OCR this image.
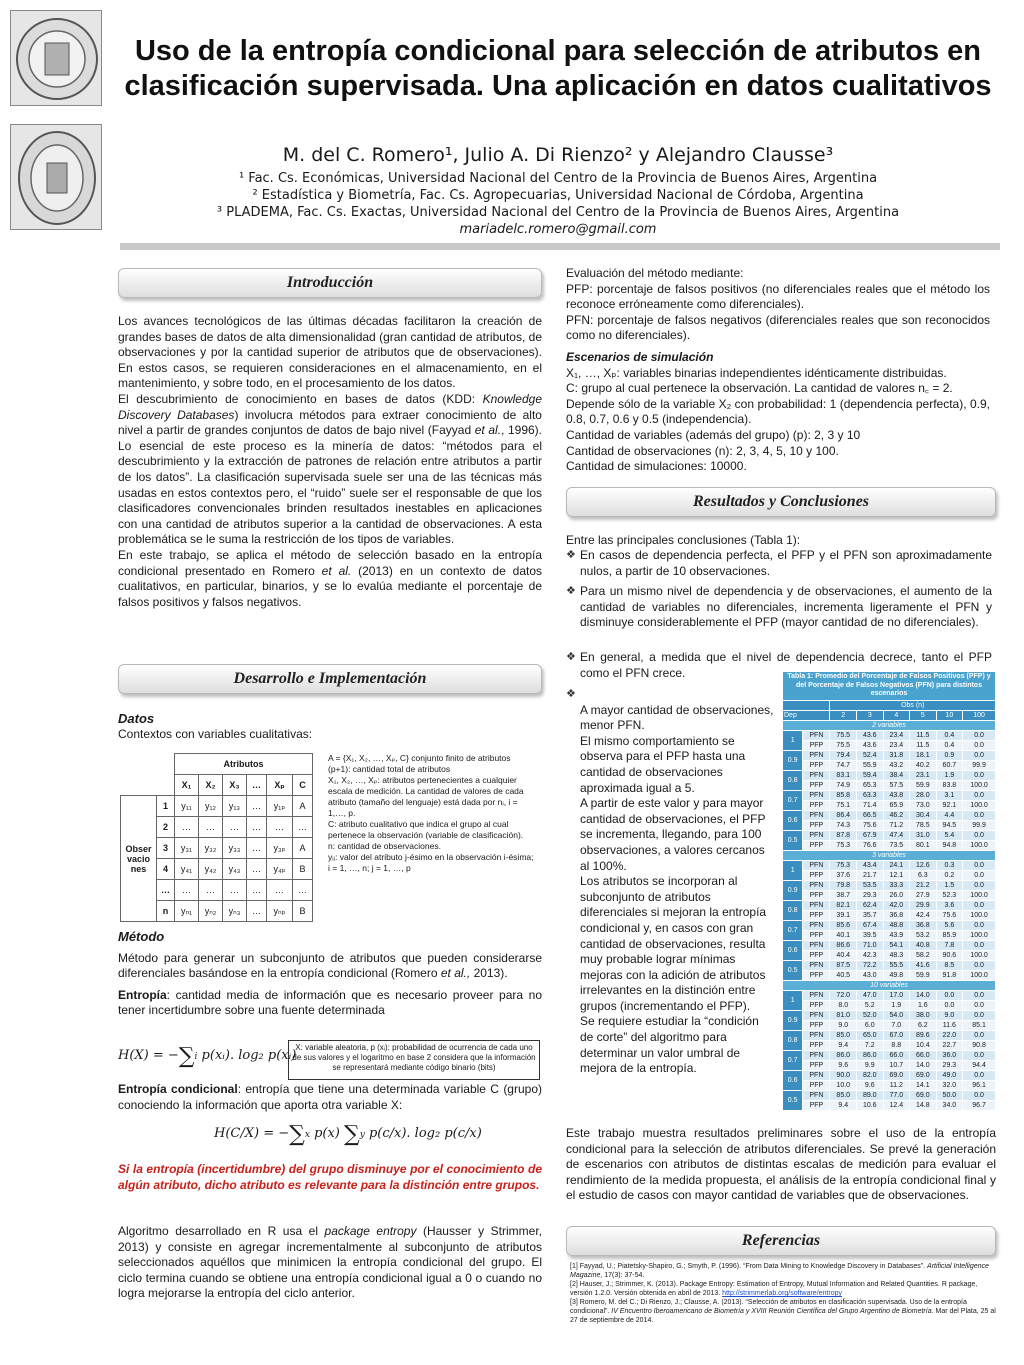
Uso de la entropía condicional para selección de atributos en clasificación supervisada. Una aplicación en datos cualitativos
M. del C. Romero¹, Julio A. Di Rienzo² y Alejandro Clausse³
¹ Fac. Cs. Económicas, Universidad Nacional del Centro de la Provincia de Buenos Aires, Argentina
² Estadística y Biometría, Fac. Cs. Agropecuarias, Universidad Nacional de Córdoba, Argentina
³ PLADEMA, Fac. Cs. Exactas, Universidad Nacional del Centro de la Provincia de Buenos Aires, Argentina
mariadelc.romero@gmail.com
Introducción

Los avances tecnológicos de las últimas décadas facilitaron la creación de grandes bases de datos de alta dimensionalidad (gran cantidad de atributos, de observaciones y por la cantidad superior de atributos que de observaciones). En estos casos, se requieren consideraciones en el almacenamiento, en el mantenimiento, y sobre todo, en el procesamiento de los datos.

El descubrimiento de conocimiento en bases de datos (KDD: Knowledge Discovery Databases) involucra métodos para extraer conocimiento de alto nivel a partir de grandes conjuntos de datos de bajo nivel (Fayyad et al., 1996). Lo esencial de este proceso es la minería de datos: “métodos para el descubrimiento y la extracción de patrones de relación entre atributos a partir de los datos”. La clasificación supervisada suele ser una de las técnicas más usadas en estos contextos pero, el “ruido” suele ser el responsable de que los clasificadores convencionales brinden resultados inestables en aplicaciones con una cantidad de atributos superior a la cantidad de observaciones. A esta problemática se le suma la restricción de los tipos de variables.

En este trabajo, se aplica el método de selección basado en la entropía condicional presentado en Romero et al. (2013) en un contexto de datos cualitativos, en particular, binarios, y se lo evalúa mediante el porcentaje de falsos positivos y falsos negativos.

Desarrollo e Implementación
Datos
Contextos con variables cualitativas:
		Atributos					
		X₁	X₂	X₃	…	Xₚ	C
Obser vacio nes	1	y₁₁	y₁₂	y₁₃	…	y₁ₚ	A
	2	…	…	…	…	…	…
	3	y₃₁	y₃₂	y₃₃	…	y₃ₚ	A
	4	y₄₁	y₄₂	y₄₃	…	y₄ₚ	B
	…	…	…	…	…	…	…
	n	yₙ₁	yₙ₂	yₙ₃	…	yₙₚ	B
A = {X₁, X₂, …, Xₚ, C} conjunto finito de atributos
(p+1): cantidad total de atributos
X₁, X₂, …, Xₚ: atributos pertenecientes a cualquier escala de medición. La cantidad de valores de cada atributo (tamaño del lenguaje) está dada por nᵢ, i = 1,…, p.
C: atributo cualitativo que indica el grupo al cual pertenece la observación (variable de clasificación).
n: cantidad de observaciones.
yᵢⱼ: valor del atributo j-ésimo en la observación i-ésima; i = 1, …, n; j = 1, …, p
Método

Método para generar un subconjunto de atributos que pueden considerarse diferenciales basándose en la entropía condicional (Romero et al., 2013).

Entropía: cantidad media de información que es necesario proveer para no tener incertidumbre sobre una fuente determinada

H(X) = −∑i p(xᵢ). log₂ p(xᵢ)
X: variable aleatoria, p (xᵢ): probabilidad de ocurrencia de cada uno de sus valores y el logaritmo en base 2 considera que la información se representará mediante código binario (bits)
Entropía condicional: entropía que tiene una determinada variable C (grupo) conociendo la información que aporta otra variable X:
H(C/X) = −∑x p(x) ∑y p(c/x). log₂ p(c/x)
Si la entropía (incertidumbre) del grupo disminuye por el conocimiento de algún atributo, dicho atributo es relevante para la distinción entre grupos.
Algoritmo desarrollado en R usa el package entropy (Hausser y Strimmer, 2013) y consiste en agregar incrementalmente al subconjunto de atributos seleccionados aquéllos que minimicen la entropía condicional del grupo. El ciclo termina cuando se obtiene una entropía condicional igual a 0 o cuando no logra mejorarse la entropía del ciclo anterior.
Evaluación del método mediante:
PFP: porcentaje de falsos positivos (no diferenciales reales que el método los reconoce erróneamente como diferenciales).
PFN: porcentaje de falsos negativos (diferenciales reales que son reconocidos como no diferenciales).
Escenarios de simulación
X₁, …, Xₚ: variables binarias independientes idénticamente distribuidas.
C: grupo al cual pertenece la observación. La cantidad de valores n꜀ = 2.
Depende sólo de la variable X₂ con probabilidad: 1 (dependencia perfecta), 0.9, 0.8, 0.7, 0.6 y 0.5 (independencia).
Cantidad de variables (además del grupo) (p): 2, 3 y 10
Cantidad de observaciones (n): 2, 3, 4, 5, 10 y 100.
Cantidad de simulaciones: 10000.
Resultados y Conclusiones
Entre las principales conclusiones (Tabla 1):
❖ En casos de dependencia perfecta, el PFP y el PFN son aproximadamente nulos, a partir de 10 observaciones.
❖ Para un mismo nivel de dependencia y de observaciones, el aumento de la cantidad de variables no diferenciales, incrementa ligeramente el PFN y disminuye considerablemente el PFP (mayor cantidad de no diferenciales).
❖ En general, a medida que el nivel de dependencia decrece, tanto el PFP como el PFN crece.

❖
A mayor cantidad de observaciones, menor PFN.
El mismo comportamiento se observa para el PFP hasta una cantidad de observaciones aproximada igual a 5.
A partir de este valor y para mayor cantidad de observaciones, el PFP se incrementa, llegando, para 100 observaciones, a valores cercanos al 100%.
Los atributos se incorporan al subconjunto de atributos diferenciales si mejoran la entropía condicional y, en casos con gran cantidad de observaciones, resulta muy probable lograr mínimas mejoras con la adición de atributos irrelevantes en la distinción entre grupos (incrementando el PFP).
Se requiere estudiar la “condición de corte” del algoritmo para determinar un valor umbral de mejora de la entropía.

Tabla 1: Promedio del Porcentaje de Falsos Positivos (PFP) y del Porcentaje de Falsos Negativos (PFN) para distintos escenarios							
		Obs (n)					
Dep		2	3	4	5	10	100
2 variables							
1	PFN	75.5	43.6	23.4	11.5	0.4	0.0
	PFP	75.5	43.6	23.4	11.5	0.4	0.0
0.9	PFN	79.4	52.4	31.8	18.1	0.9	0.0
	PFP	74.7	55.9	43.2	40.2	60.7	99.9
0.8	PFN	83.1	59.4	38.4	23.1	1.9	0.0
	PFP	74.9	65.3	57.5	59.9	83.8	100.0
0.7	PFN	85.8	63.3	43.8	28.0	3.1	0.0
	PFP	75.1	71.4	65.9	73.0	92.1	100.0
0.6	PFN	86.4	66.5	46.2	30.4	4.4	0.0
	PFP	74.3	75.6	71.2	78.5	94.5	99.9
0.5	PFN	87.8	67.9	47.4	31.0	5.4	0.0
	PFP	75.3	76.6	73.5	80.1	94.8	100.0
3 variables							
1	PFN	75.3	43.4	24.1	12.6	0.3	0.0
	PFP	37.6	21.7	12.1	6.3	0.2	0.0
0.9	PFN	79.8	53.5	33.3	21.2	1.5	0.0
	PFP	38.7	29.3	26.0	27.9	52.3	100.0
0.8	PFN	82.1	62.4	42.0	29.9	3.6	0.0
	PFP	39.1	35.7	36.8	42.4	75.6	100.0
0.7	PFN	85.6	67.4	48.8	36.8	5.6	0.0
	PFP	40.1	39.5	43.9	53.2	85.9	100.0
0.6	PFN	86.6	71.0	54.1	40.8	7.8	0.0
	PFP	40.4	42.3	48.3	58.2	90.6	100.0
0.5	PFN	87.5	72.2	55.5	41.6	8.5	0.0
	PFP	40.5	43.0	49.8	59.9	91.8	100.0
10 variables							
1	PFN	72.0	47.0	17.0	14.0	0.0	0.0
	PFP	8.0	5.2	1.9	1.6	0.0	0.0
0.9	PFN	81.0	52.0	54.0	38.0	9.0	0.0
	PFP	9.0	6.0	7.0	6.2	11.6	85.1
0.8	PFN	85.0	65.0	67.0	89.6	22.0	0.0
	PFP	9.4	7.2	8.8	10.4	22.7	90.8
0.7	PFN	86.0	86.0	66.0	66.0	36.0	0.0
	PFP	9.6	9.9	10.7	14.0	29.3	94.4
0.6	PFN	90.0	82.0	69.0	69.0	49.0	0.0
	PFP	10.0	9.6	11.2	14.1	32.0	96.1
0.5	PFN	85.0	89.0	77.0	69.0	50.0	0.0
	PFP	9.4	10.6	12.4	14.8	34.0	96.7
Este trabajo muestra resultados preliminares sobre el uso de la entropía condicional para la selección de atributos diferenciales. Se prevé la generación de escenarios con atributos de distintas escalas de medición para evaluar el rendimiento de la medida propuesta, el análisis de la entropía condicional final y el estudio de casos con mayor cantidad de variables que de observaciones.
Referencias
[1] Fayyad, U.; Piatetsky-Shapiro, G.; Smyth, P. (1996). “From Data Mining to Knowledge Discovery in Databases”. Artificial Intelligence Magazine, 17(3): 37-54.
[2] Hauser, J.; Strimmer, K. (2013). Package Entropy: Estimation of Entropy, Mutual Information and Related Quantities. R package, versión 1.2.0. Versión obtenida en abril de 2013. http://strimmerlab.org/software/entropy
[3] Romero, M. del C.; Di Rienzo, J.; Clausse, A. (2013). “Selección de atributos en clasificación supervisada. Uso de la entropía condicional”. IV Encuentro Iberoamericano de Biometría y XVIII Reunión Científica del Grupo Argentino de Biometría. Mar del Plata, 25 al 27 de septiembre de 2014.
